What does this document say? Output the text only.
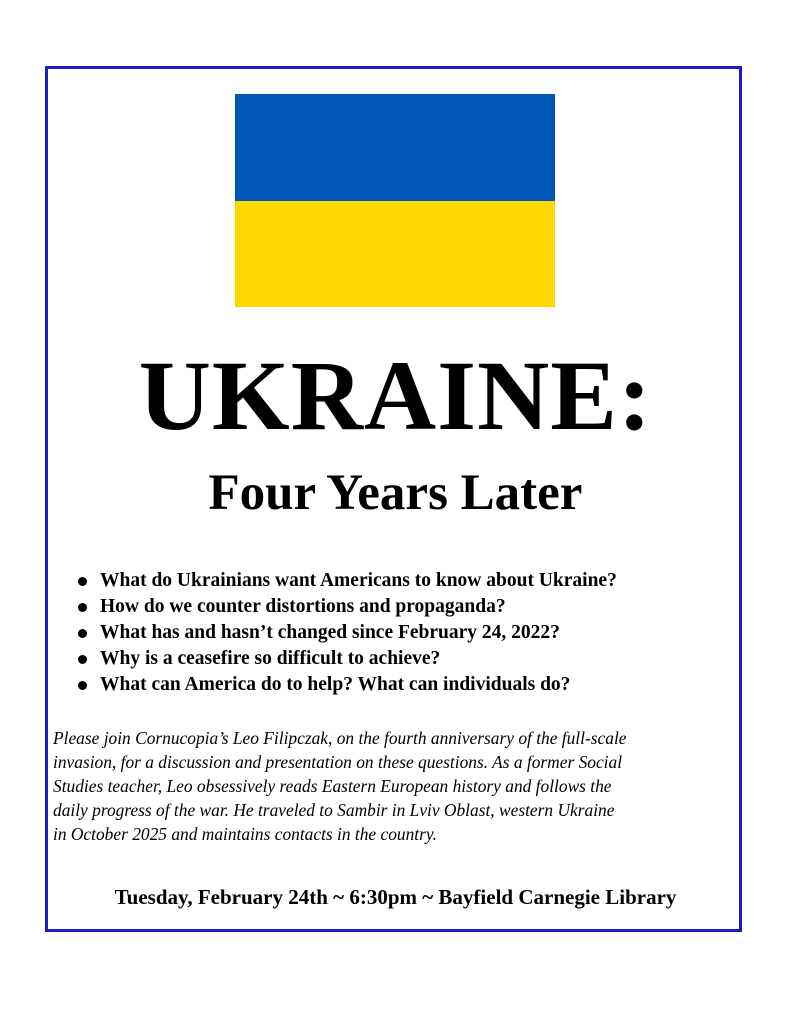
UKRAINE:
Four Years Later
What do Ukrainians want Americans to know about Ukraine?
How do we counter distortions and propaganda?
What has and hasn’t changed since February 24, 2022?
Why is a ceasefire so difficult to achieve?
What can America do to help? What can individuals do?

Please join Cornucopia’s Leo Filipczak, on the fourth anniversary of the full-scale
invasion, for a discussion and presentation on these questions. As a former Social
Studies teacher, Leo obsessively reads Eastern European history and follows the
daily progress of the war. He traveled to Sambir in Lviv Oblast, western Ukraine
in October 2025 and maintains contacts in the country.

Tuesday, February 24th ~ 6:30pm ~ Bayfield Carnegie Library
